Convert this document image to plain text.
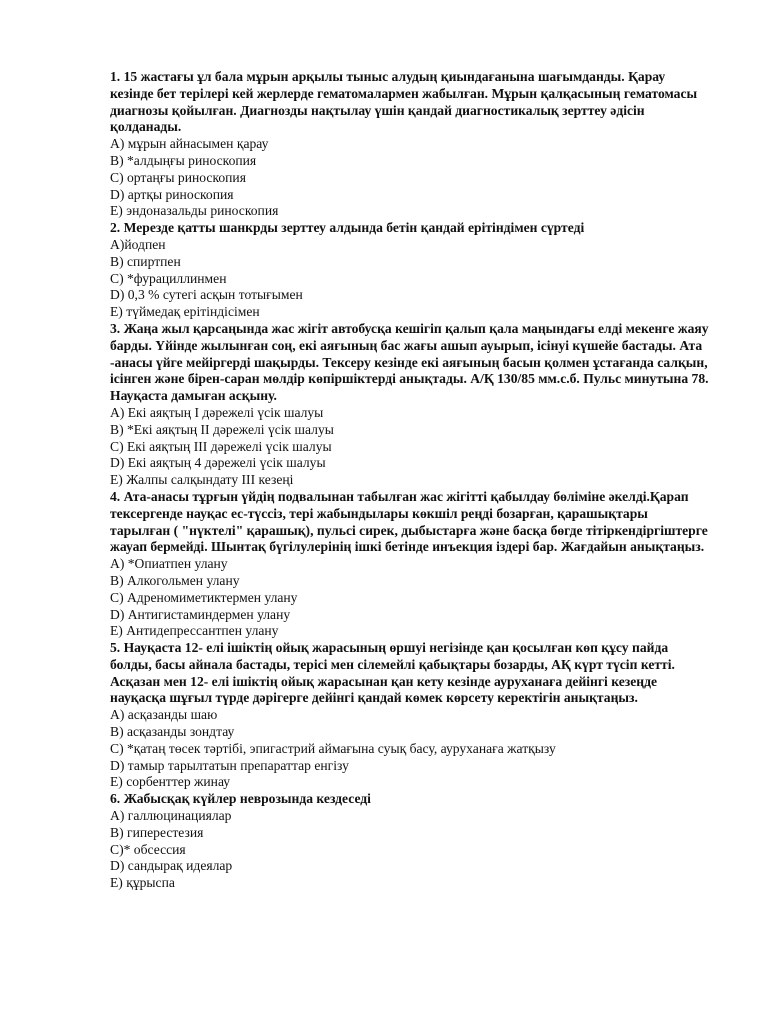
1. 15 жастағы ұл бала мұрын арқылы тыныс алудың қиындағанына шағымданды. Қарау кезінде бет терілері кей жерлерде гематомалармен жабылған. Мұрын қалқасының гематомасы диагнозы қойылған. Диагнозды нақтылау үшін қандай диагностикалық зерттеу әдісін қолданады.
А) мұрын айнасымен қарау
В) *алдыңғы риноскопия
С) ортаңғы риноскопия
D) артқы риноскопия
Е) эндоназальды риноскопия
2. Мерезде қатты шанкрды зерттеу алдында бетін қандай ерітіндімен сүртеді
А)йодпен
В) спиртпен
С) *фурациллинмен
D) 0,3 % сутегі асқын тотығымен
Е) түймедақ ерітіндісімен
3. Жаңа жыл қарсаңында жас жігіт автобусқа кешігіп қалып қала маңындағы елді мекенге жаяу барды. Үйінде жылынған соң, екі аяғының бас жағы ашып ауырып, ісінуі күшейе бастады. Ата -анасы үйге мейіргерді шақырды. Тексеру кезінде екі аяғының басын қолмен ұстағанда салқын, ісінген және бірен-саран мөлдір көпіршіктерді анықтады. А/Қ 130/85 мм.с.б. Пульс минутына 78. Науқаста дамыған асқыну.
А) Екі аяқтың I дәрежелі үсік шалуы
В) *Екі аяқтың II дәрежелі үсік шалуы
С) Екі аяқтың III дәрежелі үсік шалуы
D) Екі аяқтың 4 дәрежелі үсік шалуы
Е) Жалпы салқындату III кезеңі
4. Ата-анасы тұрғын үйдің подвалынан табылған жас жігітті қабылдау бөліміне әкелді.Қарап тексергенде науқас ес-түссіз, тері жабындылары көкшіл реңді бозарған, қарашықтары тарылған ( "нүктелі" қарашық), пульсі сирек, дыбыстарға және басқа бөгде тітіркендіргіштерге жауап бермейді. Шынтақ бүгілулерінің ішкі бетінде инъекция іздері бар. Жағдайын анықтаңыз.
А) *Опиатпен улану
В) Алкогольмен улану
С) Адреномиметиктермен улану
D) Антигистаминдермен улану
Е) Антидепрессантпен улану
5. Науқаста 12- елі ішіктің ойық жарасының өршуі негізінде қан қосылған көп құсу пайда болды, басы айнала бастады, терісі мен сілемейлі қабықтары бозарды, АҚ күрт түсіп кетті. Асқазан мен 12- елі ішіктің ойық жарасынан қан кету кезінде ауруханаға дейінгі кезеңде науқасқа шұғыл түрде дәрігерге дейінгі қандай көмек көрсету керектігін анықтаңыз.
А) асқазанды шаю
В) асқазанды зондтау
С) *қатаң төсек тәртібі, эпигастрий аймағына суық басу, ауруханаға жатқызу
D) тамыр тарылтатын препараттар енгізу
Е) сорбенттер жинау
6. Жабысқақ күйлер неврозында кездеседі
А) галлюцинациялар
В) гиперестезия
С)* обсессия
D) сандырақ идеялар
Е) құрыспа
